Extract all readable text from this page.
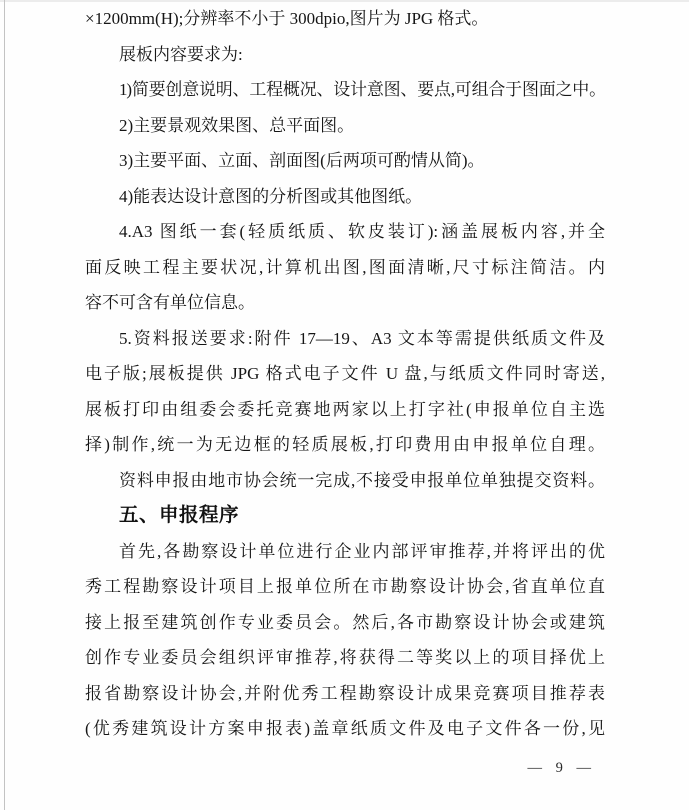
×1200mm(H);分辨率不小于 300dpio,图片为 JPG 格式。
展板内容要求为:
1)简要创意说明、工程概况、设计意图、要点,可组合于图面之中。
2)主要景观效果图、总平面图。
3)主要平面、立面、剖面图(后两项可酌情从简)。
4)能表达设计意图的分析图或其他图纸。
4.A3 图纸一套(轻质纸质、软皮装订):涵盖展板内容,并全
面反映工程主要状况,计算机出图,图面清晰,尺寸标注简洁。内
容不可含有单位信息。
5.资料报送要求:附件 17—19、A3 文本等需提供纸质文件及
电子版;展板提供 JPG 格式电子文件 U 盘,与纸质文件同时寄送,
展板打印由组委会委托竞赛地两家以上打字社(申报单位自主选
择)制作,统一为无边框的轻质展板,打印费用由申报单位自理。
资料申报由地市协会统一完成,不接受申报单位单独提交资料。
五、申报程序
首先,各勘察设计单位进行企业内部评审推荐,并将评出的优
秀工程勘察设计项目上报单位所在市勘察设计协会,省直单位直
接上报至建筑创作专业委员会。然后,各市勘察设计协会或建筑
创作专业委员会组织评审推荐,将获得二等奖以上的项目择优上
报省勘察设计协会,并附优秀工程勘察设计成果竞赛项目推荐表
(优秀建筑设计方案申报表)盖章纸质文件及电子文件各一份,见
— 9 —
